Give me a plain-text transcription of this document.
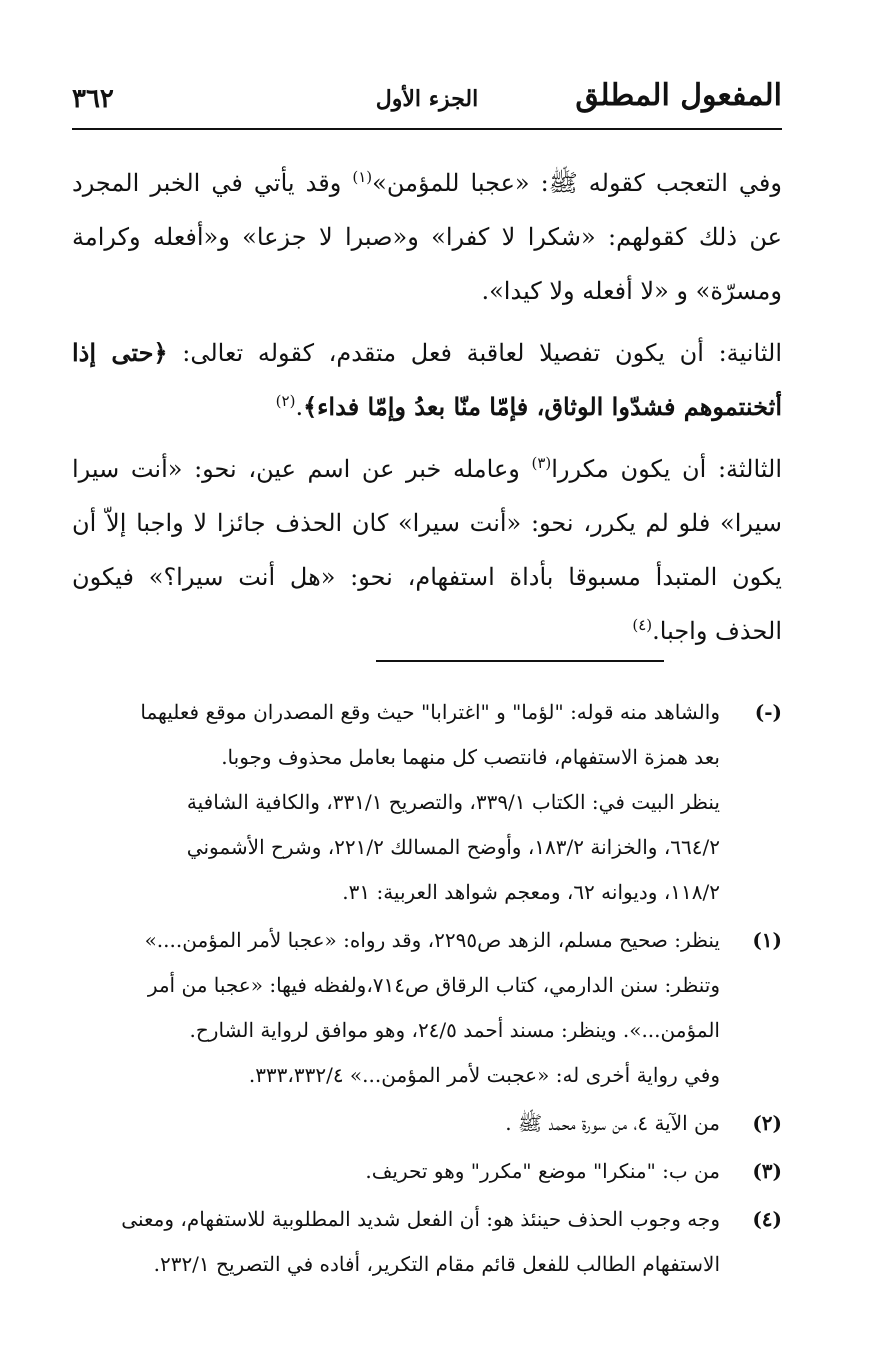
المفعول المطلق
الجزء الأول
٣٦٢

وفي التعجب كقوله ﷺ: «عجبا للمؤمن»$^{(١)}$ وقد يأتي في الخبر المجرد عن ذلك كقولهم: «شكرا لا كفرا» و«صبرا لا جزعا» و«أفعله وكرامة ومسرّة» و «لا أفعله ولا كيدا».

الثانية: أن يكون تفصيلا لعاقبة فعل متقدم، كقوله تعالى: ﴿حتى إذا أثخنتموهم فشدّوا الوثاق، فإمّا منّا بعدُ وإمّا فداء﴾.$^{(٢)}$

الثالثة: أن يكون مكررا$^{(٣)}$ وعامله خبر عن اسم عين، نحو: «أنت سيرا سيرا» فلو لم يكرر، نحو: «أنت سيرا» كان الحذف جائزا لا واجبا إلاّ أن يكون المتبدأ مسبوقا بأداة استفهام، نحو: «هل أنت سيرا؟» فيكون الحذف واجبا.$^{(٤)}$

(-)
والشاهد منه قوله: "لؤما" و "اغترابا" حيث وقع المصدران موقع فعليهما
بعد همزة الاستفهام، فانتصب كل منهما بعامل محذوف وجوبا.
ينظر البيت في: الكتاب ٣٣٩/١، والتصريح ٣٣١/١، والكافية الشافية
٦٦٤/٢، والخزانة ١٨٣/٢، وأوضح المسالك ٢٢١/٢، وشرح الأشموني
١١٨/٢، وديوانه ٦٢، ومعجم شواهد العربية: ٣١.
(١)
ينظر: صحيح مسلم، الزهد ص٢٢٩٥، وقد رواه: «عجبا لأمر المؤمن....»
وتنظر: سنن الدارمي، كتاب الرقاق ص٧١٤،ولفظه فيها: «عجبا من أمر
المؤمن...». وينظر: مسند أحمد ٢٤/٥، وهو موافق لرواية الشارح.
وفي رواية أخرى له: «عجبت لأمر المؤمن...» ٣٣٣،٣٣٢/٤.
(٢)
من الآية ٤، من سورة محمد ﷺ .
(٣)
من ب: "منكرا" موضع "مكرر" وهو تحريف.
(٤)
وجه وجوب الحذف حينئذ هو: أن الفعل شديد المطلوبية للاستفهام، ومعنى
الاستفهام الطالب للفعل قائم مقام التكرير، أفاده في التصريح ٢٣٢/١.
